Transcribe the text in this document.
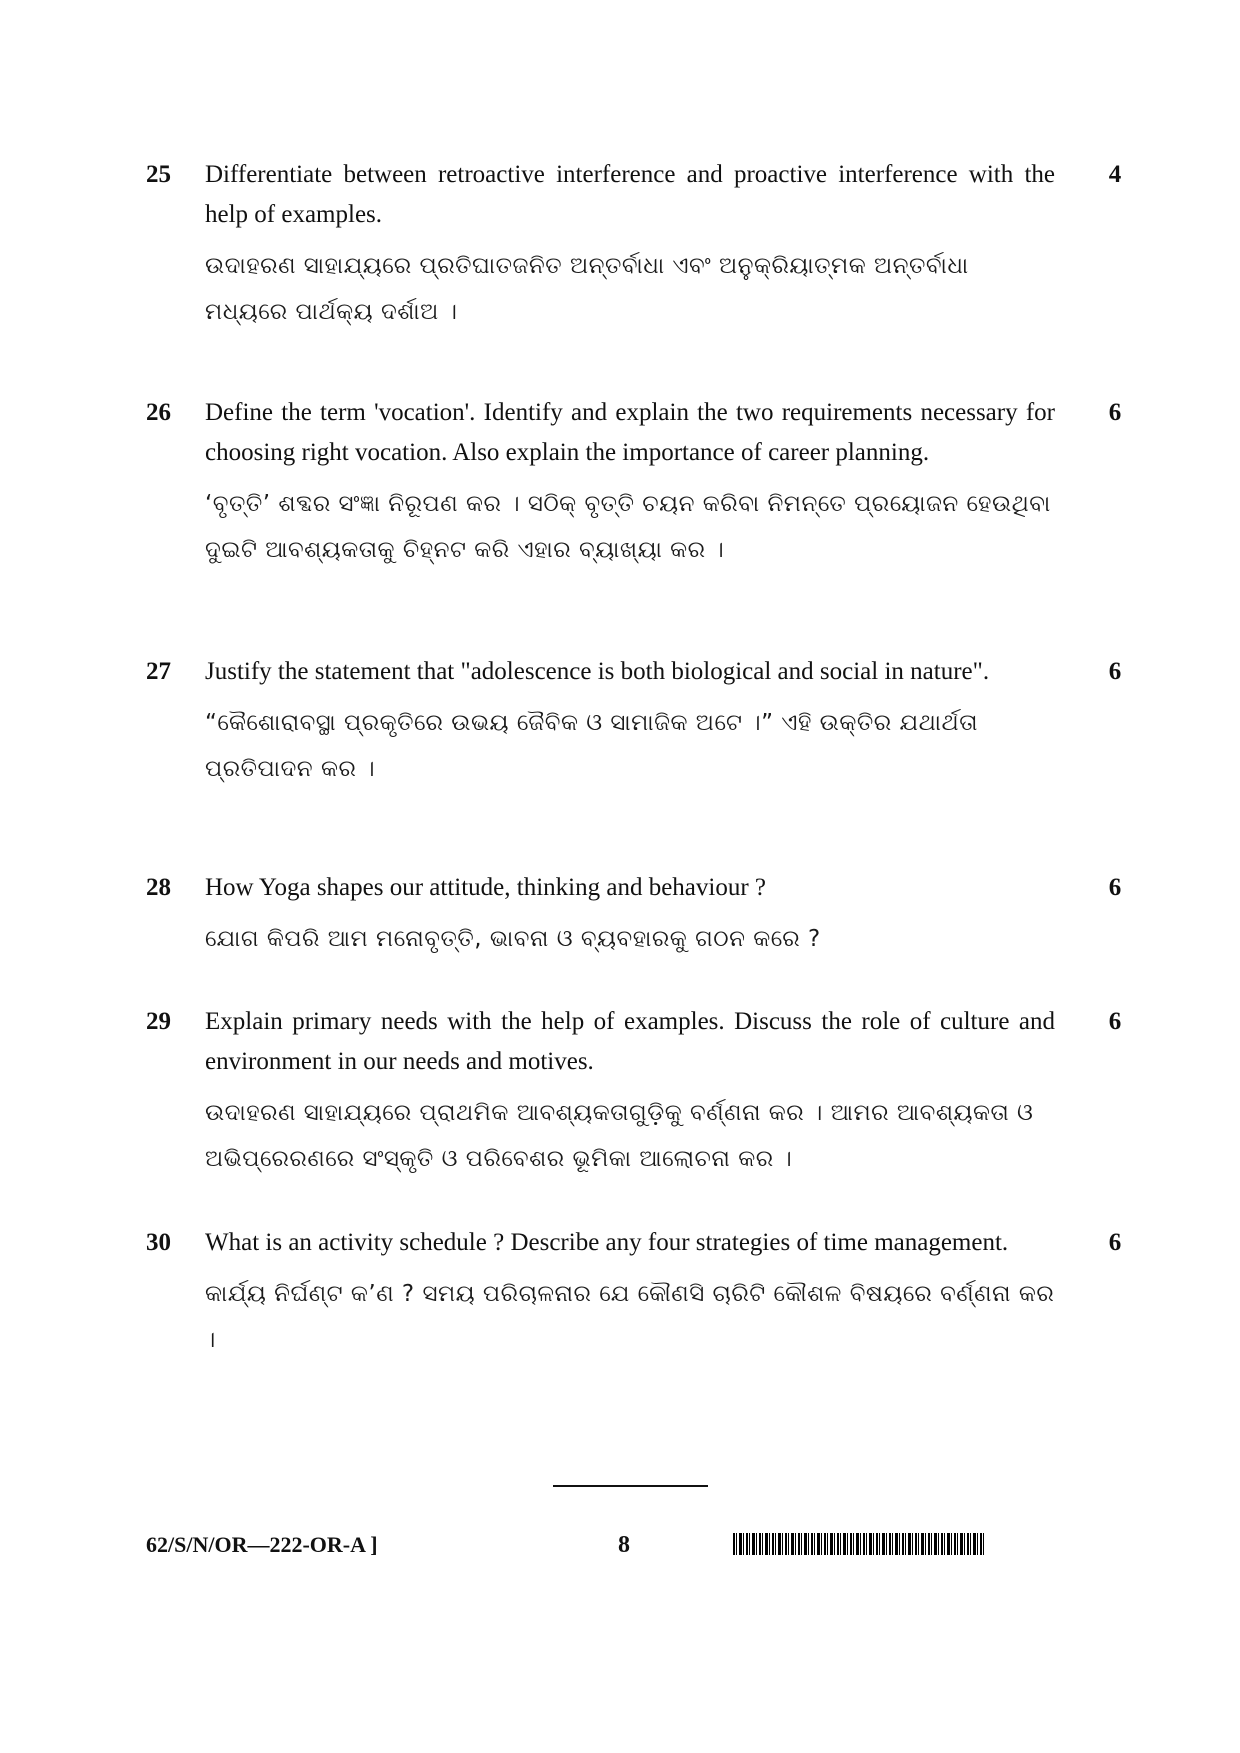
25 Differentiate between retroactive interference and proactive interference with the help of examples.
ଉଦାହରଣ ସାହାଯ୍ୟରେ ପ୍ରତିଘାତଜନିତ ଅନ୍ତର୍ବାଧା ଏବଂ ଅନୁକ୍ରିୟାତ୍ମକ ଅନ୍ତର୍ବାଧା ମଧ୍ୟରେ ପାର୍ଥକ୍ୟ ଦର୍ଶାଅ ।
4
26 Define the term 'vocation'. Identify and explain the two requirements necessary for choosing right vocation. Also explain the importance of career planning.
‘ବୃତ୍ତି’ ଶବ୍ଦର ସଂଜ୍ଞା ନିରୂପଣ କର । ସଠିକ୍ ବୃତ୍ତି ଚୟନ କରିବା ନିମନ୍ତେ ପ୍ରୟୋଜନ ହେଉଥିବା ଦୁଇଟି ଆବଶ୍ୟକତାକୁ ଚିହ୍ନଟ କରି ଏହାର ବ୍ୟାଖ୍ୟା କର ।
6
27 Justify the statement that "adolescence is both biological and social in nature".
“କୈଶୋରାବସ୍ଥା ପ୍ରକୃତିରେ ଉଭୟ ଜୈବିକ ଓ ସାମାଜିକ ଅଟେ ।” ଏହି ଉକ୍ତିର ଯଥାର୍ଥତା ପ୍ରତିପାଦନ କର ।
6
28 How Yoga shapes our attitude, thinking and behaviour ?
ଯୋଗ କିପରି ଆମ ମନୋବୃତ୍ତି, ଭାବନା ଓ ବ୍ୟବହାରକୁ ଗଠନ କରେ ?
6
29 Explain primary needs with the help of examples. Discuss the role of culture and environment in our needs and motives.
ଉଦାହରଣ ସାହାଯ୍ୟରେ ପ୍ରାଥମିକ ଆବଶ୍ୟକତାଗୁଡ଼ିକୁ ବର୍ଣ୍ଣନା କର । ଆମର ଆବଶ୍ୟକତା ଓ ଅଭିପ୍ରେରଣରେ ସଂସ୍କୃତି ଓ ପରିବେଶର ଭୂମିକା ଆଲୋଚନା କର ।
6
30 What is an activity schedule ? Describe any four strategies of time management.
କାର୍ଯ୍ୟ ନିର୍ଘଣ୍ଟ କ’ଣ ? ସମୟ ପରିଚାଳନାର ଯେ କୌଣସି ଚାରିଟି କୌଶଳ ବିଷୟରେ ବର୍ଣ୍ଣନା କର ।
6
62/S/N/OR—222-OR-A ]	8
